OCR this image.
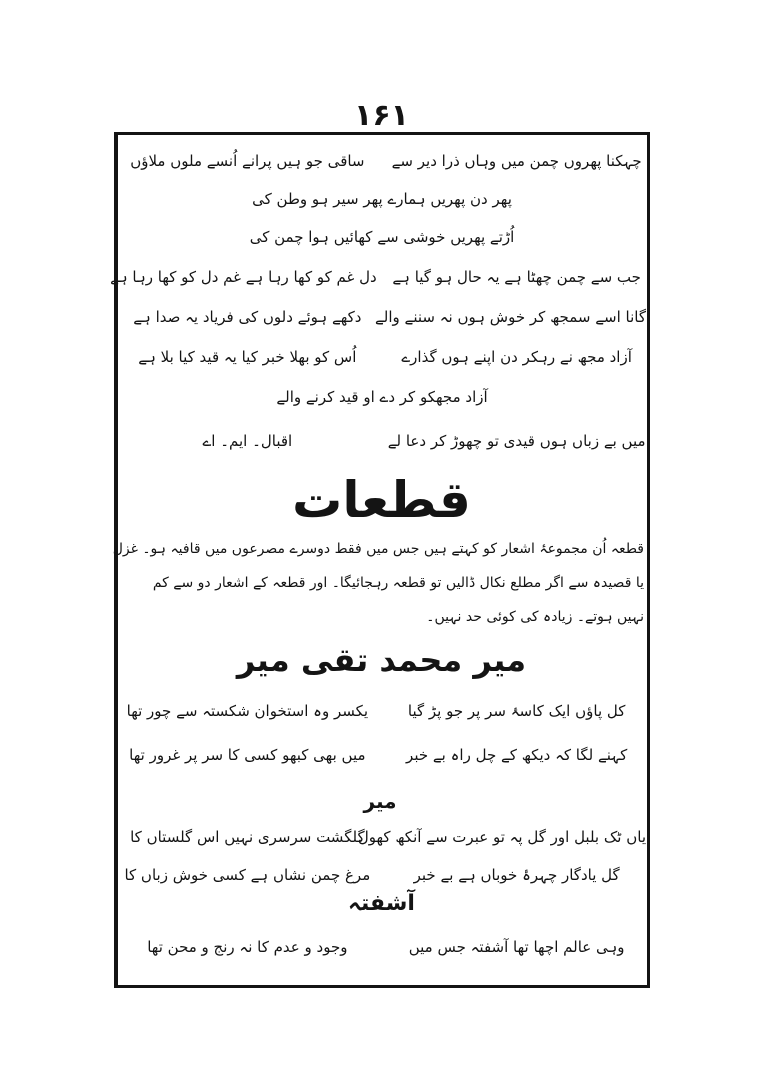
۱۶۱
چہکنا پھروں چمن میں وہاں ذرا دیر سے
ساقی جو ہیں پرانے اُنسے ملوں ملاؤں
پھر دن پھریں ہمارے پھر سیر ہو وطن کی
اُڑتے پھریں خوشی سے کھائیں ہوا چمن کی
جب سے چمن چھٹا ہے یہ حال ہو گیا ہے
دل غم کو کھا رہا ہے غم دل کو کھا رہا ہے
گانا اسے سمجھ کر خوش ہوں نہ سننے والے
دکھے ہوئے دلوں کی فریاد یہ صدا ہے
آزاد مجھ نے رہکر دن اپنے ہوں گذارے
اُس کو بھلا خبر کیا یہ قید کیا بلا ہے
آزاد مجھکو کر دے او قید کرنے والے
میں بے زباں ہوں قیدی تو چھوڑ کر دعا لے
اقبال۔ ایم۔ اے
قطعات
قطعہ اُن مجموعۂ اشعار کو کہتے ہیں جس میں فقط دوسرے مصرعوں میں قافیہ ہو۔ غزل
یا قصیدہ سے اگر مطلع نکال ڈالیں تو قطعہ رہجائیگا۔ اور قطعہ کے اشعار دو سے کم
نہیں ہوتے۔ زیادہ کی کوئی حد نہیں۔
میر محمد تقی میر
کل پاؤں ایک کاسۂ سر پر جو پڑ گیا
یکسر وہ استخوان شکستہ سے چور تھا
کہنے لگا کہ دیکھ کے چل راہ بے خبر
میں بھی کبھو کسی کا سر پر غرور تھا
میر
یاں ٹک بلبل اور گل پہ تو عبرت سے آنکھ کھول
گلگشت سرسری نہیں اس گلستاں کا
گل یادگار چہرۂ خوباں ہے بے خبر
مرغ چمن نشاں ہے کسی خوش زباں کا
آشفتہ
وہی عالم اچھا تھا آشفتہ جس میں
وجود و عدم کا نہ رنج و محن تھا
